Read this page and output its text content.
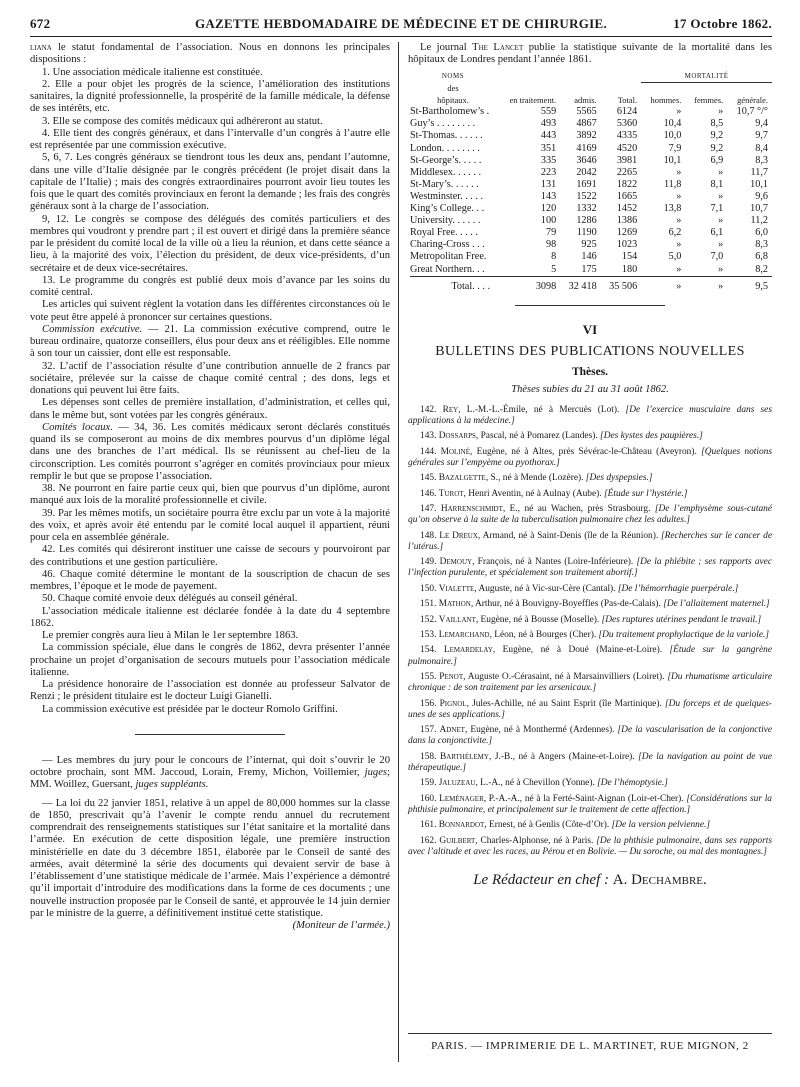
672	GAZETTE HEBDOMADAIRE DE MÉDECINE ET DE CHIRURGIE.	17 Octobre 1862.

liana le statut fondamental de l’association. Nous en donnons les principales dispositions :

1. Une association médicale italienne est constituée.

2. Elle a pour objet les progrès de la science, l’amélioration des institutions sanitaires, la dignité professionnelle, la prospérité de la famille médicale, la défense de ses intérêts, etc.

3. Elle se compose des comités médicaux qui adhéreront au statut.

4. Elle tient des congrès généraux, et dans l’intervalle d’un congrès à l’autre elle est représentée par une commission exécutive.

5, 6, 7. Les congrès généraux se tiendront tous les deux ans, pendant l’automne, dans une ville d’Italie désignée par le congrès précédent (le projet disait dans la capitale de l’Italie) ; mais des congrès extraordinaires pourront avoir lieu toutes les fois que le quart des comités provinciaux en feront la demande ; les frais des congrès généraux sont à la charge de l’association.

9, 12. Le congrès se compose des délégués des comités particuliers et des membres qui voudront y prendre part ; il est ouvert et dirigé dans la première séance par le président du comité local de la ville où a lieu la réunion, et dans cette séance a lieu, à la majorité des voix, l’élection du président, de deux vice-présidents, d’un secrétaire et de deux vice-secrétaires.

13. Le programme du congrès est publié deux mois d’avance par les soins du comité central.

Les articles qui suivent règlent la votation dans les différentes circonstances où le vote peut être appelé à prononcer sur certaines questions.

Commission exécutive. — 21. La commission exécutive comprend, outre le bureau ordinaire, quatorze conseillers, élus pour deux ans et rééligibles. Elle nomme à son tour un caissier, dont elle est responsable.

32. L’actif de l’association résulte d’une contribution annuelle de 2 francs par sociétaire, prélevée sur la caisse de chaque comité central ; des dons, legs et donations qui peuvent lui être faits.

Les dépenses sont celles de première installation, d’administration, et celles qui, dans le même but, sont votées par les congrès généraux.

Comités locaux. — 34, 36. Les comités médicaux seront déclarés constitués quand ils se composeront au moins de dix membres pourvus d’un diplôme légal dans une des branches de l’art médical. Ils se réunissent au chef-lieu de la circonscription. Les comités pourront s’agréger en comités provinciaux pour mieux remplir le but que se propose l’association.

38. Ne pourront en faire partie ceux qui, bien que pourvus d’un diplôme, auront manqué aux lois de la moralité professionnelle et civile.

39. Par les mêmes motifs, un sociétaire pourra être exclu par un vote à la majorité des voix, et après avoir été entendu par le comité local auquel il appartient, réuni pour cela en assemblée générale.

42. Les comités qui désireront instituer une caisse de secours y pourvoiront par des contributions et une gestion particulière.

46. Chaque comité détermine le montant de la souscription de chacun de ses membres, l’époque et le mode de payement.

50. Chaque comité envoie deux délégués au conseil général.

L’association médicale italienne est déclarée fondée à la date du 4 septembre 1862.

Le premier congrès aura lieu à Milan le 1er septembre 1863.

La commission spéciale, élue dans le congrès de 1862, devra présenter l’année prochaine un projet d’organisation de secours mutuels pour l’association médicale italienne.

La présidence honoraire de l’association est donnée au professeur Salvator de Renzi ; le président titulaire est le docteur Luigi Gianelli.

La commission exécutive est présidée par le docteur Romolo Griffini.

— Les membres du jury pour le concours de l’internat, qui doit s’ouvrir le 20 octobre prochain, sont MM. Jaccoud, Lorain, Fremy, Michon, Voillemier, juges; MM. Woillez, Guersant, juges suppléants.

— La loi du 22 janvier 1851, relative à un appel de 80,000 hommes sur la classe de 1850, prescrivait qu’à l’avenir le compte rendu annuel du recrutement comprendrait des renseignements statistiques sur l’état sanitaire et la mortalité dans l’armée. En exécution de cette disposition légale, une première instruction ministérielle en date du 3 décembre 1851, élaborée par le Conseil de santé des armées, avait déterminé la série des documents qui devaient servir de base à l’établissement d’une statistique médicale de l’armée. Mais l’expérience a démontré qu’il importait d’introduire des modifications dans la forme de ces documents ; une nouvelle instruction proposée par le Conseil de santé, et approuvée le 14 juin dernier par le ministre de la guerre, a définitivement institué cette statistique.
(Moniteur de l’armée.)

Le journal The Lancet publie la statistique suivante de la mortalité dans les hôpitaux de Londres pendant l’année 1861.

NOMS				MORTALITÉ		
des						
hôpitaux.	en traitement.	admis.	Total.	hommes.	femmes.	générale.
St-Bartholomew’s .	559	5565	6124	»	»	10,7 °/°
Guy’s . . . . . . . .	493	4867	5360	10,4	8,5	9,4
St-Thomas. . . . . .	443	3892	4335	10,0	9,2	9,7
London. . . . . . . .	351	4169	4520	7,9	9,2	8,4
St-George’s. . . . .	335	3646	3981	10,1	6,9	8,3
Middlesex. . . . . .	223	2042	2265	»	»	11,7
St-Mary’s. . . . . .	131	1691	1822	11,8	8,1	10,1
Westminster. . . . .	143	1522	1665	»	»	9,6
King’s College. . .	120	1332	1452	13,8	7,1	10,7
University. . . . . .	100	1286	1386	»	»	11,2
Royal Free. . . . .	79	1190	1269	6,2	6,1	6,0
Charing-Cross . . .	98	925	1023	»	»	8,3
Metropolitan Free.	8	146	154	5,0	7,0	6,8
Great Northern. . .	5	175	180	»	»	8,2
Total. . . .	3098	32 418	35 506	»	»	9,5
VI
BULLETINS DES PUBLICATIONS NOUVELLES
Thèses.
Thèses subies du 21 au 31 août 1862.

142. Rey, L.-M.-L.-Émile, né à Mercuès (Lot). [De l’exercice musculaire dans ses applications à la médecine.]

143. Dossarps, Pascal, né à Pomarez (Landes). [Des kystes des paupières.]

144. Moliné, Eugène, né à Altes, près Sévérac-le-Château (Aveyron). [Quelques notions générales sur l’empyème ou pyothorax.]

145. Bazalgette, S., né à Mende (Lozère). [Des dyspepsies.]

146. Turot, Henri Aventin, né à Aulnay (Aube). [Étude sur l’hystérie.]

147. Harrenschmidt, E., né au Wachen, près Strasbourg. [De l’emphysème sous-cutané qu’on observe à la suite de la tuberculisation pulmonaire chez les adultes.]

148. Le Dreux, Armand, né à Saint-Denis (île de la Réunion). [Recherches sur le cancer de l’utérus.]

149. Demouy, François, né à Nantes (Loire-Inférieure). [De la phlébite ; ses rapports avec l’infection purulente, et spécialement son traitement abortif.]

150. Vialette, Auguste, né à Vic-sur-Cère (Cantal). [De l’hémorrhagie puerpérale.]

151. Mathon, Arthur, né à Bouvigny-Boyeffles (Pas-de-Calais). [De l’allaitement maternel.]

152. Vaillant, Eugène, né à Bousse (Moselle). [Des ruptures utérines pendant le travail.]

153. Lemarchand, Léon, né à Bourges (Cher). [Du traitement prophylactique de la variole.]

154. Lemardelay, Eugène, né à Doué (Maine-et-Loire). [Étude sur la gangrène pulmonaire.]

155. Penot, Auguste O.-Cérasaint, né à Marsainvilliers (Loiret). [Du rhumatisme articulaire chronique : de son traitement par les arsenicaux.]

156. Pignol, Jules-Achille, né au Saint Esprit (île Martinique). [Du forceps et de quelques-unes de ses applications.]

157. Adnet, Eugène, né à Monthermé (Ardennes). [De la vascularisation de la conjonctive dans la conjonctivite.]

158. Barthélemy, J.-B., né à Angers (Maine-et-Loire). [De la navigation au point de vue thérapeutique.]

159. Jaluzeau, L.-A., né à Chevillon (Yonne). [De l’hémoptysie.]

160. Leménager, P.-A.-A., né à la Ferté-Saint-Aignan (Loir-et-Cher). [Considérations sur la phthisie pulmonaire, et principalement sur le traitement de cette affection.]

161. Bonnardot, Ernest, né à Genlis (Côte-d’Or). [De la version pelvienne.]

162. Guilbert, Charles-Alphonse, né à Paris. [De la phthisie pulmonaire, dans ses rapports avec l’altitude et avec les races, au Pérou et en Bolivie. — Du soroche, ou mal des montagnes.]

Le Rédacteur en chef : A. Dechambre.
PARIS. — IMPRIMERIE DE L. MARTINET, RUE MIGNON, 2
